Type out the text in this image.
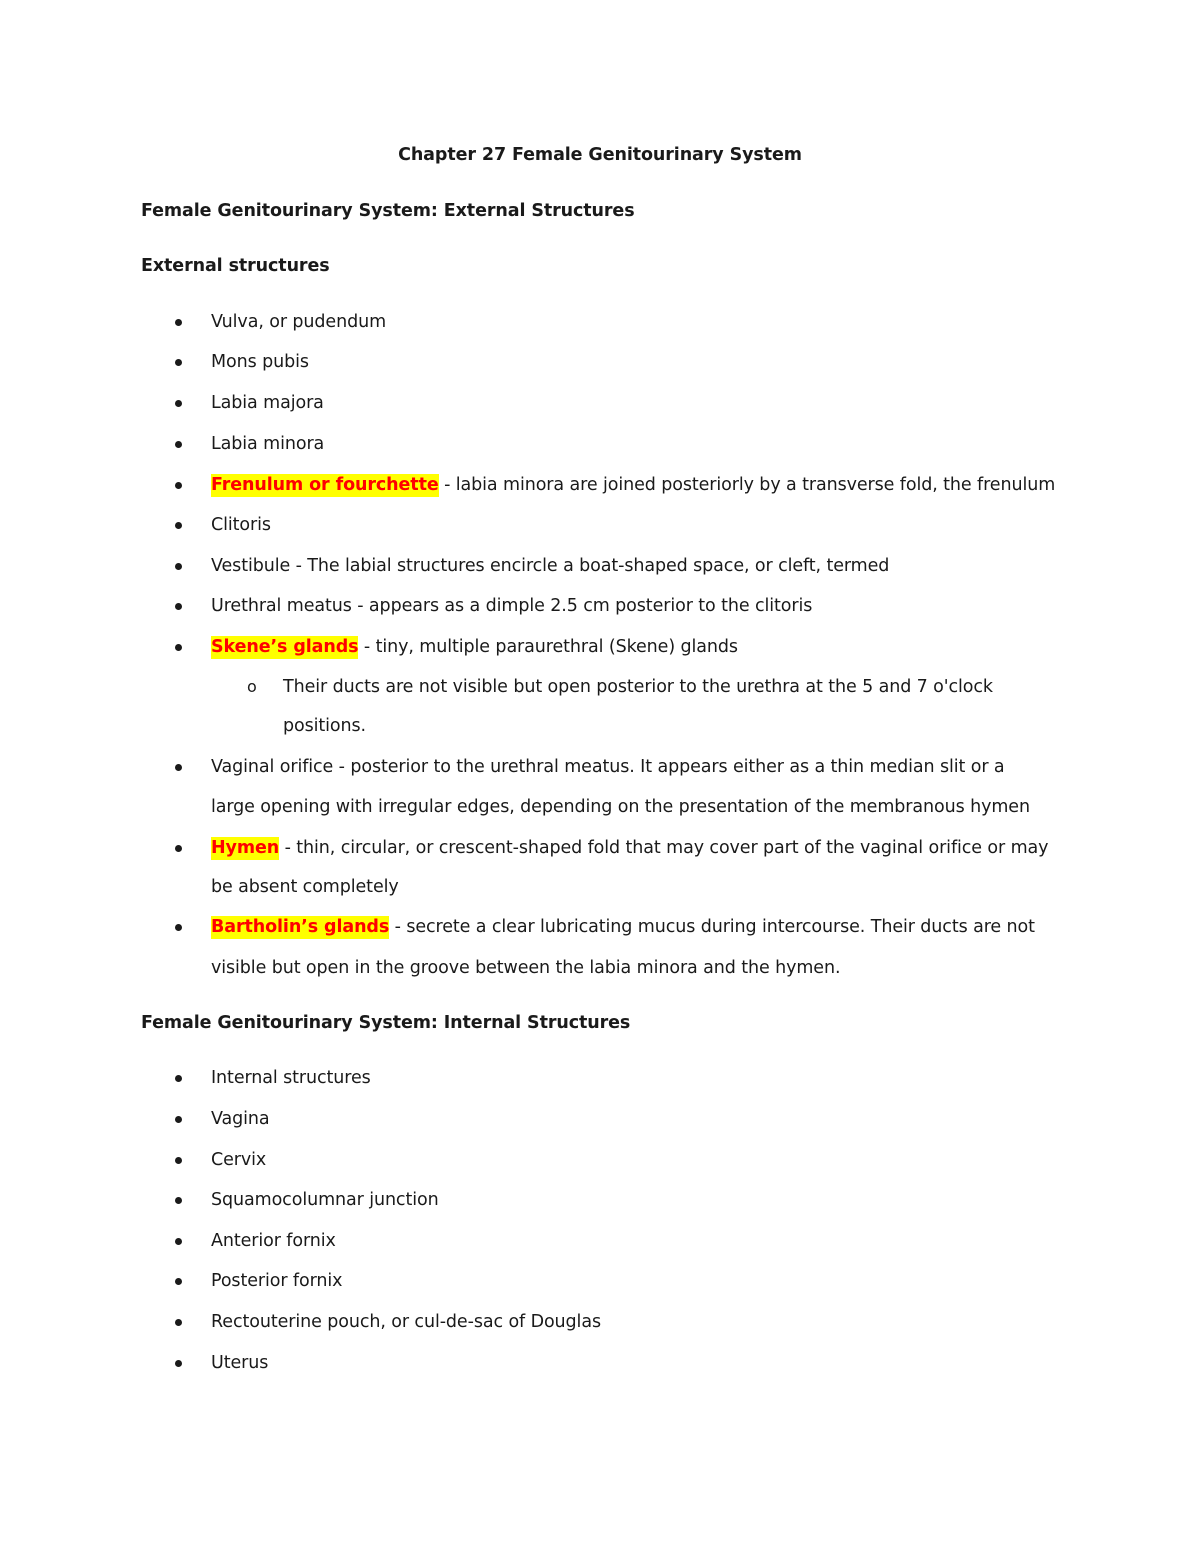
Chapter 27 Female Genitourinary System
Female Genitourinary System: External Structures
External structures
Vulva, or pudendum
Mons pubis
Labia majora
Labia minora
Frenulum or fourchette - labia minora are joined posteriorly by a transverse fold, the frenulum
Clitoris
Vestibule - The labial structures encircle a boat-shaped space, or cleft, termed
Urethral meatus - appears as a dimple 2.5 cm posterior to the clitoris
Skene’s glands - tiny, multiple paraurethral (Skene) glands
o Their ducts are not visible but open posterior to the urethra at the 5 and 7 o'clock
positions.
Vaginal orifice - posterior to the urethral meatus. It appears either as a thin median slit or a
large opening with irregular edges, depending on the presentation of the membranous hymen
Hymen - thin, circular, or crescent-shaped fold that may cover part of the vaginal orifice or may
be absent completely
Bartholin’s glands - secrete a clear lubricating mucus during intercourse. Their ducts are not
visible but open in the groove between the labia minora and the hymen.
Female Genitourinary System: Internal Structures
Internal structures
Vagina
Cervix
Squamocolumnar junction
Anterior fornix
Posterior fornix
Rectouterine pouch, or cul-de-sac of Douglas
Uterus
